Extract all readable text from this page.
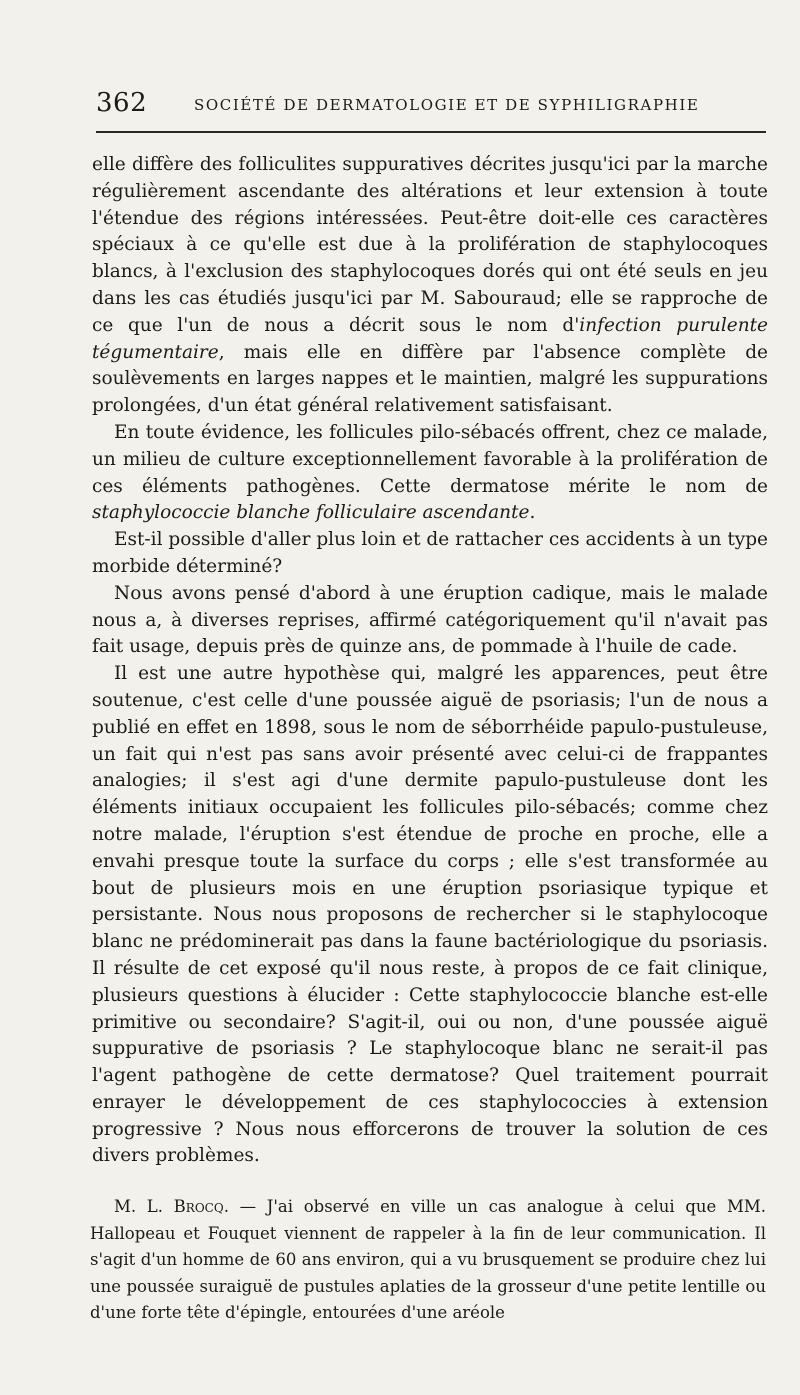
362	SOCIÉTÉ DE DERMATOLOGIE ET DE SYPHILIGRAPHIE

elle diffère des folliculites suppuratives décrites jusqu'ici par la marche régulièrement ascendante des altérations et leur extension à toute l'étendue des régions intéressées. Peut-être doit-elle ces caractères spéciaux à ce qu'elle est due à la prolifération de staphylocoques blancs, à l'exclusion des staphylocoques dorés qui ont été seuls en jeu dans les cas étudiés jusqu'ici par M. Sabouraud; elle se rapproche de ce que l'un de nous a décrit sous le nom d'infection purulente tégumentaire, mais elle en diffère par l'absence complète de soulèvements en larges nappes et le maintien, malgré les suppurations prolongées, d'un état général relativement satisfaisant.

En toute évidence, les follicules pilo-sébacés offrent, chez ce malade, un milieu de culture exceptionnellement favorable à la prolifération de ces éléments pathogènes. Cette dermatose mérite le nom de staphylococcie blanche folliculaire ascendante.

Est-il possible d'aller plus loin et de rattacher ces accidents à un type morbide déterminé?

Nous avons pensé d'abord à une éruption cadique, mais le malade nous a, à diverses reprises, affirmé catégoriquement qu'il n'avait pas fait usage, depuis près de quinze ans, de pommade à l'huile de cade.

Il est une autre hypothèse qui, malgré les apparences, peut être soutenue, c'est celle d'une poussée aiguë de psoriasis; l'un de nous a publié en effet en 1898, sous le nom de séborrhéide papulo-pustuleuse, un fait qui n'est pas sans avoir présenté avec celui-ci de frappantes analogies; il s'est agi d'une dermite papulo-pustuleuse dont les éléments initiaux occupaient les follicules pilo-sébacés; comme chez notre malade, l'éruption s'est étendue de proche en proche, elle a envahi presque toute la surface du corps ; elle s'est transformée au bout de plusieurs mois en une éruption psoriasique typique et persistante. Nous nous proposons de rechercher si le staphylocoque blanc ne prédominerait pas dans la faune bactériologique du psoriasis. Il résulte de cet exposé qu'il nous reste, à propos de ce fait clinique, plusieurs questions à élucider : Cette staphylococcie blanche est-elle primitive ou secondaire? S'agit-il, oui ou non, d'une poussée aiguë suppurative de psoriasis ? Le staphylocoque blanc ne serait-il pas l'agent pathogène de cette dermatose? Quel traitement pourrait enrayer le développement de ces staphylococcies à extension progressive ? Nous nous efforcerons de trouver la solution de ces divers problèmes.

M. L. Brocq. — J'ai observé en ville un cas analogue à celui que MM. Hallopeau et Fouquet viennent de rappeler à la fin de leur communication. Il s'agit d'un homme de 60 ans environ, qui a vu brusquement se produire chez lui une poussée suraiguë de pustules aplaties de la grosseur d'une petite lentille ou d'une forte tête d'épingle, entourées d'une aréole
